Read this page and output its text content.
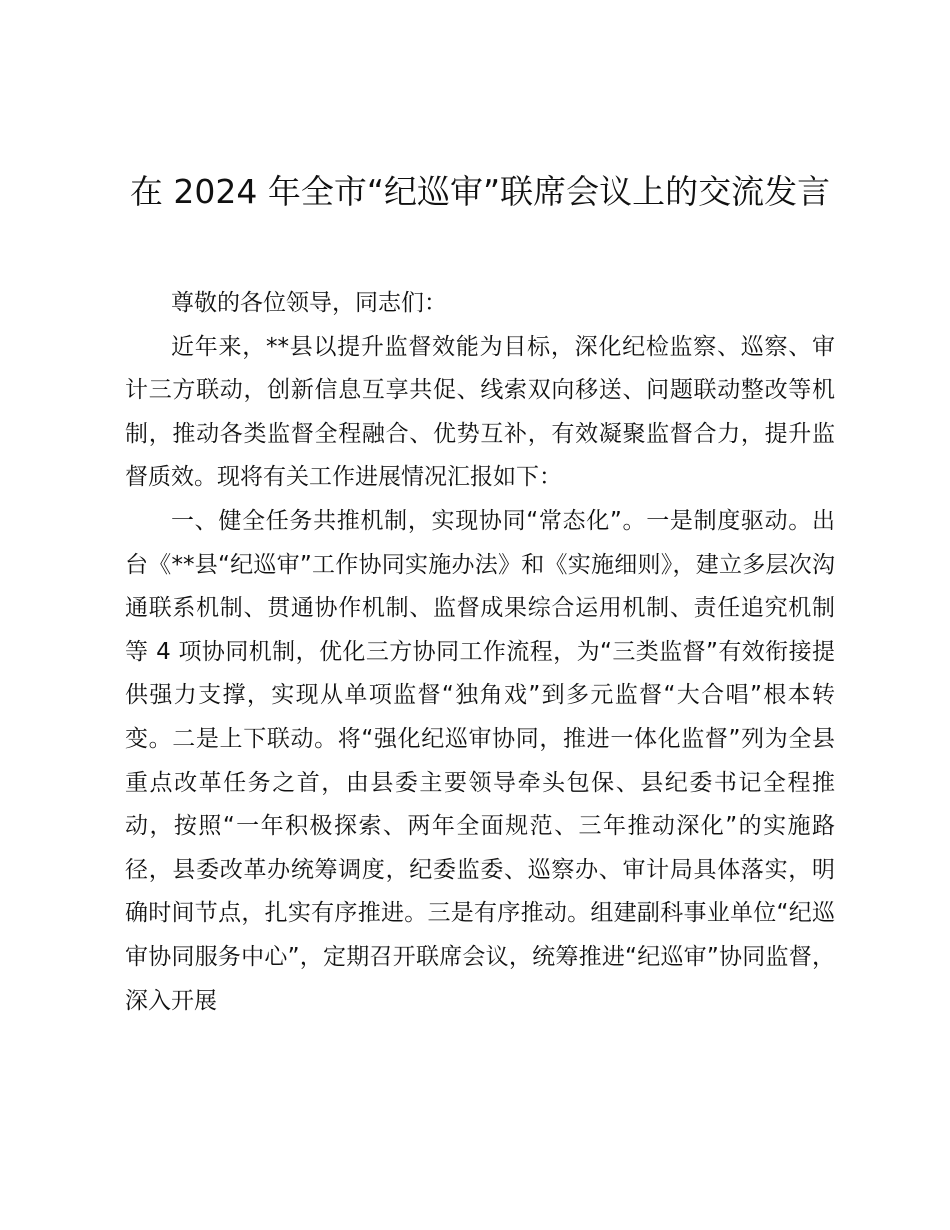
在 2024 年全市“纪巡审”联席会议上的交流发言

尊敬的各位领导，同志们：

近年来，**县以提升监督效能为目标，深化纪检监察、巡察、审计三方联动，创新信息互享共促、线索双向移送、问题联动整改等机制，推动各类监督全程融合、优势互补，有效凝聚监督合力，提升监督质效。现将有关工作进展情况汇报如下：

一、健全任务共推机制，实现协同“常态化”。一是制度驱动。出台《**县“纪巡审”工作协同实施办法》和《实施细则》，建立多层次沟通联系机制、贯通协作机制、监督成果综合运用机制、责任追究机制等 4 项协同机制，优化三方协同工作流程，为“三类监督”有效衔接提供强力支撑，实现从单项监督“独角戏”到多元监督“大合唱”根本转变。二是上下联动。将“强化纪巡审协同，推进一体化监督”列为全县重点改革任务之首，由县委主要领导牵头包保、县纪委书记全程推动，按照“一年积极探索、两年全面规范、三年推动深化”的实施路径，县委改革办统筹调度，纪委监委、巡察办、审计局具体落实，明确时间节点，扎实有序推进。三是有序推动。组建副科事业单位“纪巡审协同服务中心”，定期召开联席会议，统筹推进“纪巡审”协同监督，深入开展
